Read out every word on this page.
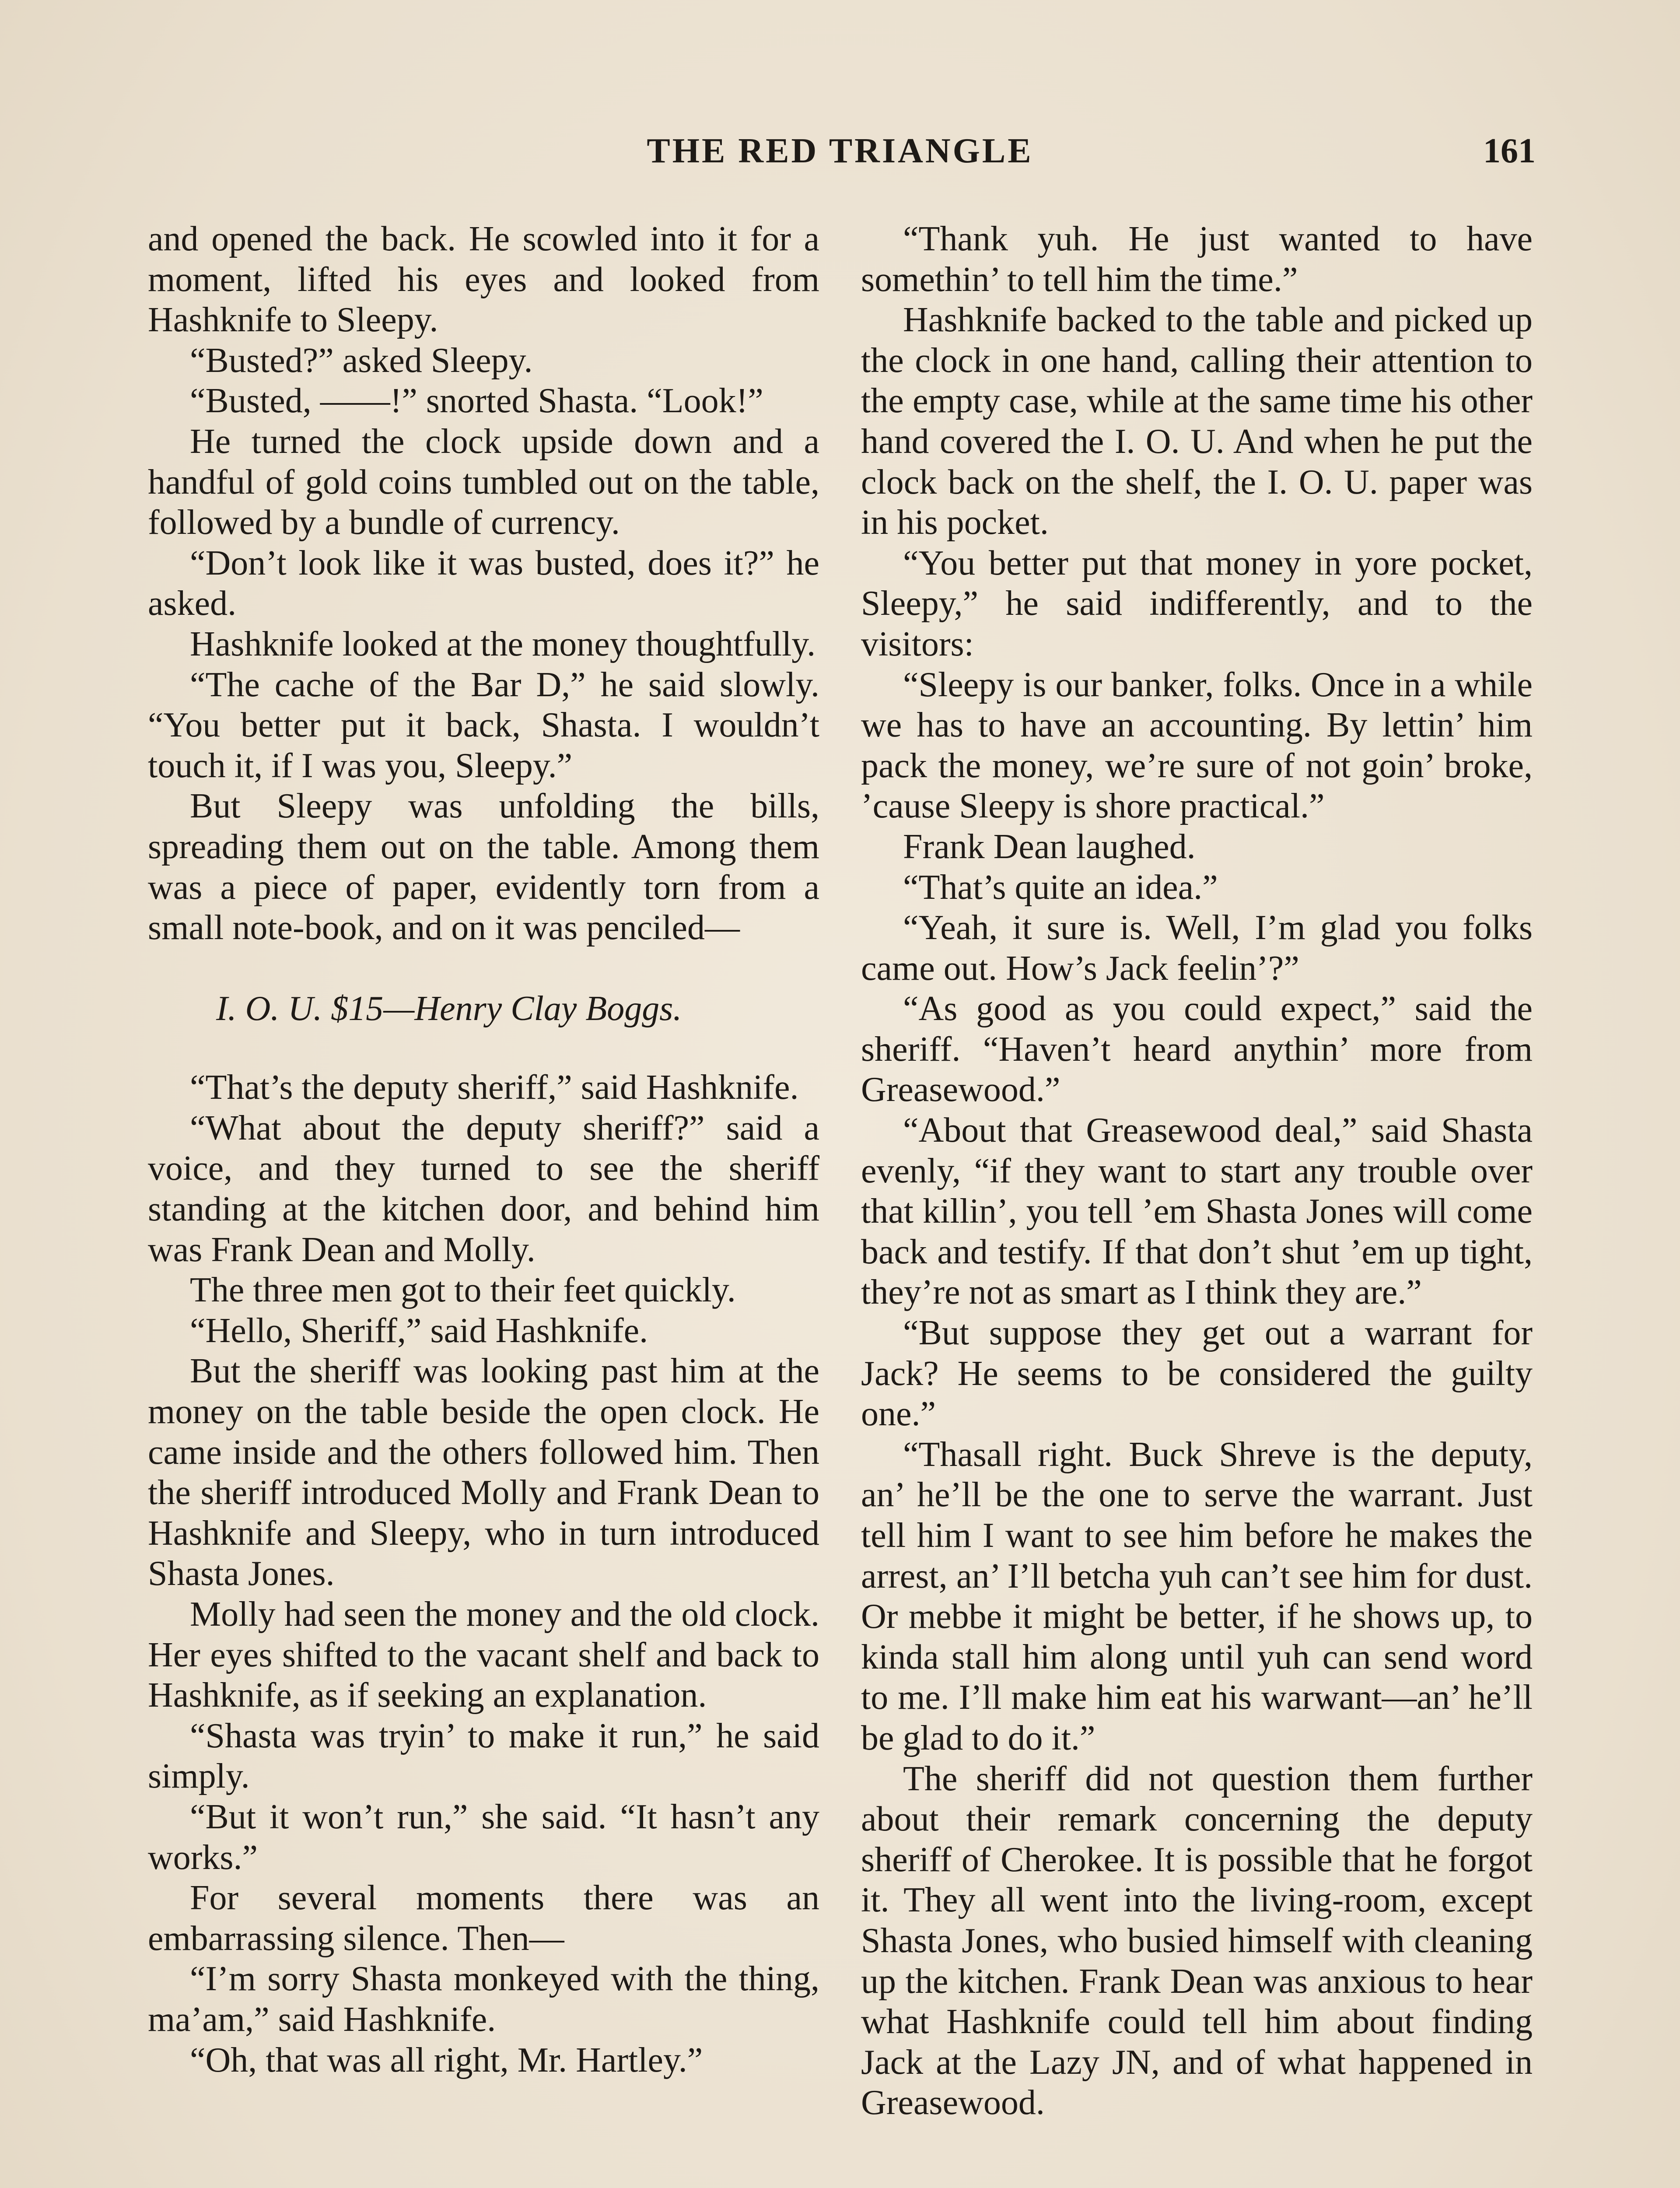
THE RED TRIANGLE	161

and opened the back. He scowled into it for a moment, lifted his eyes and looked from Hashknife to Sleepy.

“Busted?” asked Sleepy.

“Busted, ——!” snorted Shasta. “Look!”

He turned the clock upside down and a handful of gold coins tumbled out on the table, followed by a bundle of currency.

“Don’t look like it was busted, does it?” he asked.

Hashknife looked at the money thoughtfully.

“The cache of the Bar D,” he said slowly. “You better put it back, Shasta. I wouldn’t touch it, if I was you, Sleepy.”

But Sleepy was unfolding the bills, spreading them out on the table. Among them was a piece of paper, evidently torn from a small note-book, and on it was penciled—

I. O. U. $15—Henry Clay Boggs.

“That’s the deputy sheriff,” said Hashknife.

“What about the deputy sheriff?” said a voice, and they turned to see the sheriff standing at the kitchen door, and behind him was Frank Dean and Molly.

The three men got to their feet quickly.

“Hello, Sheriff,” said Hashknife.

But the sheriff was looking past him at the money on the table beside the open clock. He came inside and the others followed him. Then the sheriff introduced Molly and Frank Dean to Hashknife and Sleepy, who in turn introduced Shasta Jones.

Molly had seen the money and the old clock. Her eyes shifted to the vacant shelf and back to Hashknife, as if seeking an explanation.

“Shasta was tryin’ to make it run,” he said simply.

“But it won’t run,” she said. “It hasn’t any works.”

For several moments there was an embarrassing silence. Then—

“I’m sorry Shasta monkeyed with the thing, ma’am,” said Hashknife.

“Oh, that was all right, Mr. Hartley.”

“Thank yuh. He just wanted to have somethin’ to tell him the time.”

Hashknife backed to the table and picked up the clock in one hand, calling their attention to the empty case, while at the same time his other hand covered the I. O. U. And when he put the clock back on the shelf, the I. O. U. paper was in his pocket.

“You better put that money in yore pocket, Sleepy,” he said indifferently, and to the visitors:

“Sleepy is our banker, folks. Once in a while we has to have an accounting. By lettin’ him pack the money, we’re sure of not goin’ broke, ’cause Sleepy is shore practical.”

Frank Dean laughed.

“That’s quite an idea.”

“Yeah, it sure is. Well, I’m glad you folks came out. How’s Jack feelin’?”

“As good as you could expect,” said the sheriff. “Haven’t heard anythin’ more from Greasewood.”

“About that Greasewood deal,” said Shasta evenly, “if they want to start any trouble over that killin’, you tell ’em Shasta Jones will come back and testify. If that don’t shut ’em up tight, they’re not as smart as I think they are.”

“But suppose they get out a warrant for Jack? He seems to be considered the guilty one.”

“Thasall right. Buck Shreve is the deputy, an’ he’ll be the one to serve the warrant. Just tell him I want to see him before he makes the arrest, an’ I’ll betcha yuh can’t see him for dust. Or mebbe it might be better, if he shows up, to kinda stall him along until yuh can send word to me. I’ll make him eat his warwant—an’ he’ll be glad to do it.”

The sheriff did not question them further about their remark concerning the deputy sheriff of Cherokee. It is possible that he forgot it. They all went into the living-room, except Shasta Jones, who busied himself with cleaning up the kitchen. Frank Dean was anxious to hear what Hashknife could tell him about finding Jack at the Lazy JN, and of what happened in Greasewood.
